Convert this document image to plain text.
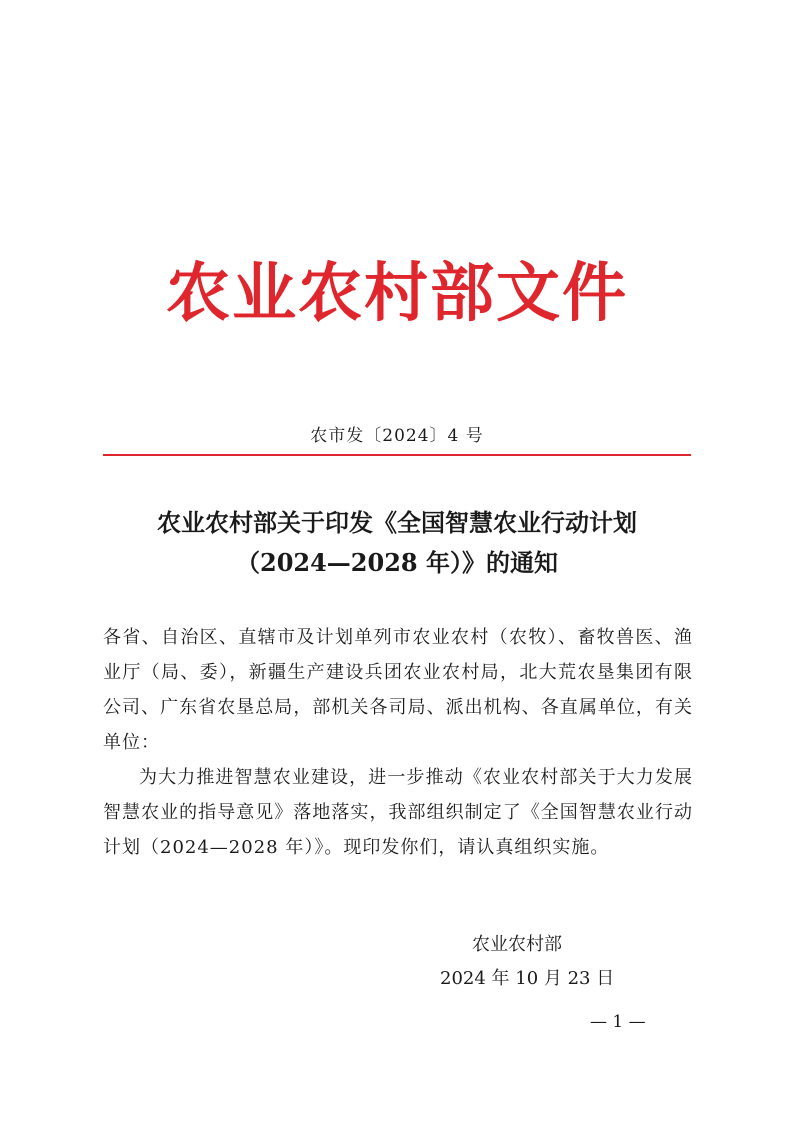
农业农村部文件
农市发〔2024〕4 号
农业农村部关于印发《全国智慧农业行动计划
（2024—2028 年）》的通知

各省、自治区、直辖市及计划单列市农业农村（农牧）、畜牧兽医、渔业厅（局、委），新疆生产建设兵团农业农村局，北大荒农垦集团有限公司、广东省农垦总局，部机关各司局、派出机构、各直属单位，有关单位：

为大力推进智慧农业建设，进一步推动《农业农村部关于大力发展智慧农业的指导意见》落地落实，我部组织制定了《全国智慧农业行动计划（2024—2028 年）》。现印发你们，请认真组织实施。

农业农村部
2024 年 10 月 23 日
— 1 —
